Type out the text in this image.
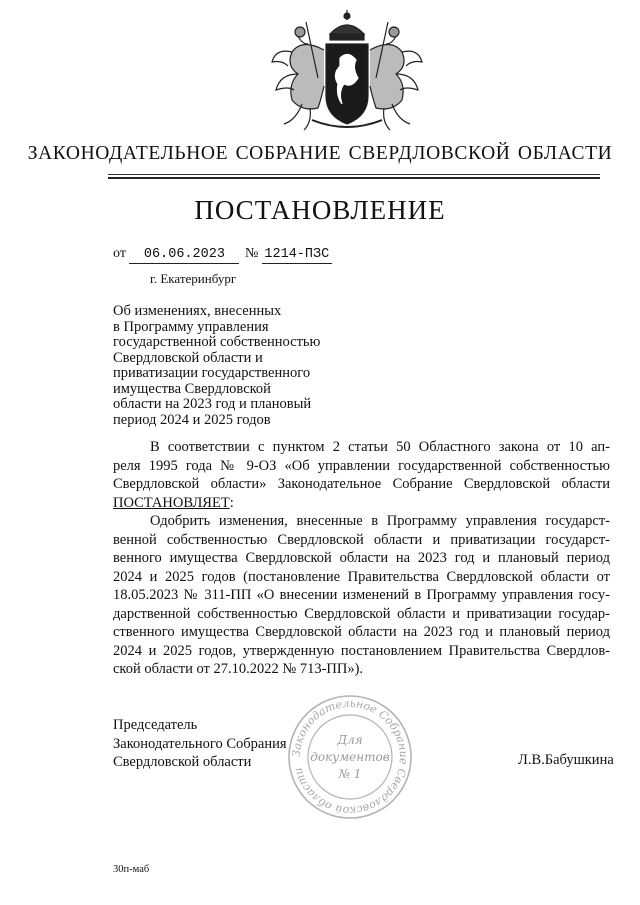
ЗАКОНОДАТЕЛЬНОЕ СОБРАНИЕ СВЕРДЛОВСКОЙ ОБЛАСТИ
ПОСТАНОВЛЕНИЕ
от 06.06.2023 № 1214-ПЗС
г. Екатеринбург
Об изменениях, внесенных
в Программу управления
государственной собственностью
Свердловской области и
приватизации государственного
имущества Свердловской
области на 2023 год и плановый
период 2024 и 2025 годов
В соответствии с пунктом 2 статьи 50 Областного закона от 10 ап-
реля 1995 года № 9-ОЗ «Об управлении государственной собственностью
Свердловской области» Законодательное Собрание Свердловской области
ПОСТАНОВЛЯЕТ:
Одобрить изменения, внесенные в Программу управления государст-
венной собственностью Свердловской области и приватизации государст-
венного имущества Свердловской области на 2023 год и плановый период
2024 и 2025 годов (постановление Правительства Свердловской области от
18.05.2023 № 311-ПП «О внесении изменений в Программу управления госу-
дарственной собственностью Свердловской области и приватизации государ-
ственного имущества Свердловской области на 2023 год и плановый период
2024 и 2025 годов, утвержденную постановлением Правительства Свердлов-
ской области от 27.10.2022 № 713-ПП»).
Председатель
Законодательного Собрания
Свердловской области
Законодательное Собрание Свердловской области
Для
документов
№ 1
Л.В.Бабушкина
30п-маб
